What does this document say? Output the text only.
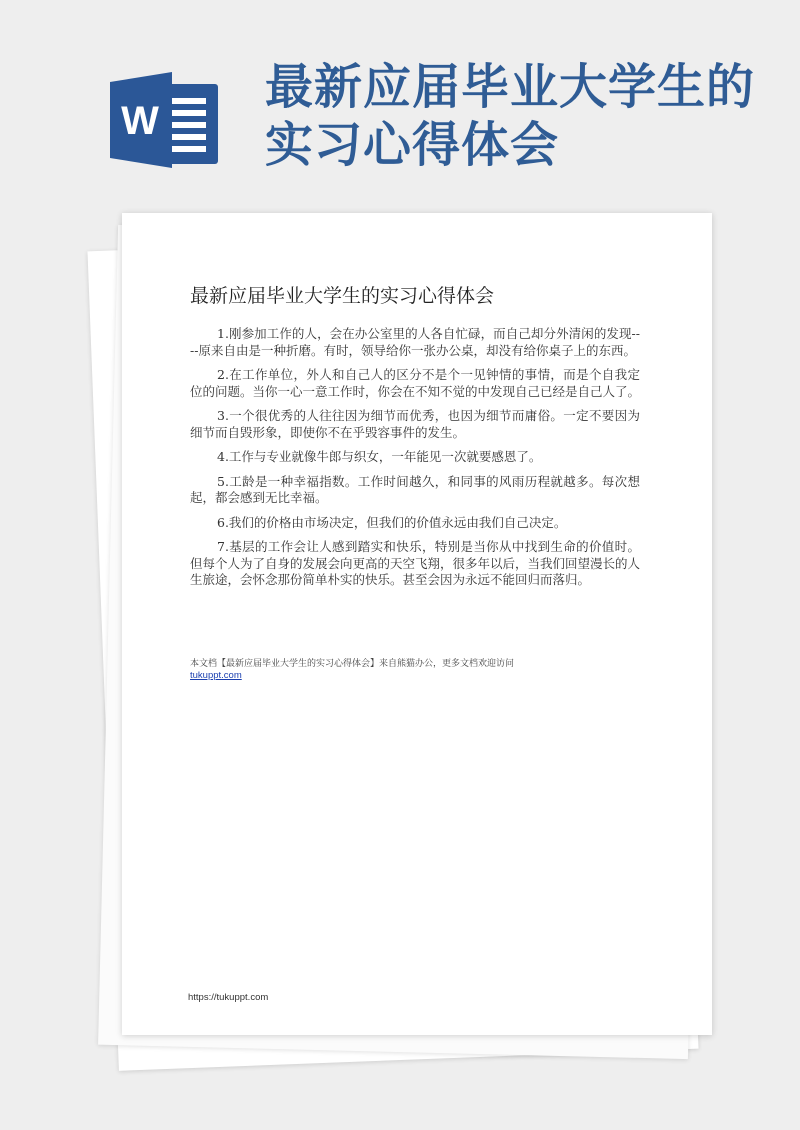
W
最新应届毕业大学生的
实习心得体会
最新应届毕业大学生的实习心得体会

1.刚参加工作的人，会在办公室里的人各自忙碌，而自己却分外清闲的发现----原来自由是一种折磨。有时，领导给你一张办公桌，却没有给你桌子上的东西。

2.在工作单位，外人和自己人的区分不是个一见钟情的事情，而是个自我定位的问题。当你一心一意工作时，你会在不知不觉的中发现自己已经是自己人了。

3.一个很优秀的人往往因为细节而优秀，也因为细节而庸俗。一定不要因为细节而自毁形象，即使你不在乎毁容事件的发生。

4.工作与专业就像牛郎与织女，一年能见一次就要感恩了。

5.工龄是一种幸福指数。工作时间越久，和同事的风雨历程就越多。每次想起，都会感到无比幸福。

6.我们的价格由市场决定，但我们的价值永远由我们自己决定。

7.基层的工作会让人感到踏实和快乐，特别是当你从中找到生命的价值时。但每个人为了自身的发展会向更高的天空飞翔，很多年以后，当我们回望漫长的人生旅途，会怀念那份简单朴实的快乐。甚至会因为永远不能回归而落归。

本文档【最新应届毕业大学生的实习心得体会】来自熊猫办公，更多文档欢迎访问
tukuppt.com
https://tukuppt.com
